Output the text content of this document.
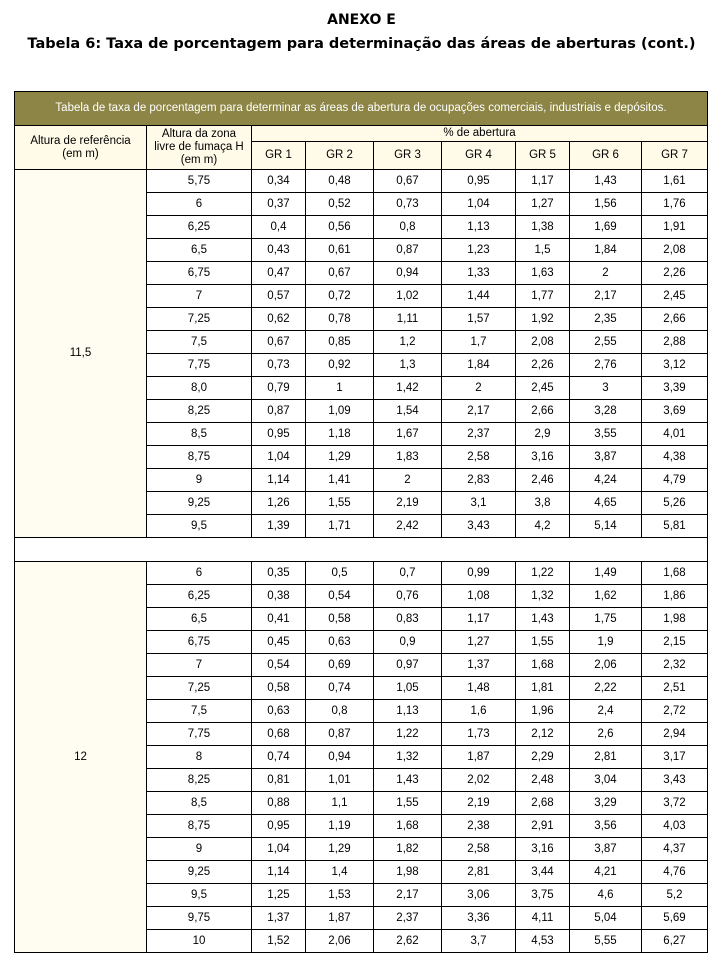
ANEXO E
Tabela 6: Taxa de porcentagem para determinação das áreas de aberturas (cont.)
Tabela de taxa de porcentagem para determinar as áreas de abertura de ocupações comerciais, industriais e depósitos.								
Altura de referência
(em m)	Altura da zona
livre de fumaça H
(em m)	% de abertura						
		GR 1	GR 2	GR 3	GR 4	GR 5	GR 6	GR 7
11,5	5,75	0,34	0,48	0,67	0,95	1,17	1,43	1,61
	6	0,37	0,52	0,73	1,04	1,27	1,56	1,76
	6,25	0,4	0,56	0,8	1,13	1,38	1,69	1,91
	6,5	0,43	0,61	0,87	1,23	1,5	1,84	2,08
	6,75	0,47	0,67	0,94	1,33	1,63	2	2,26
	7	0,57	0,72	1,02	1,44	1,77	2,17	2,45
	7,25	0,62	0,78	1,11	1,57	1,92	2,35	2,66
	7,5	0,67	0,85	1,2	1,7	2,08	2,55	2,88
	7,75	0,73	0,92	1,3	1,84	2,26	2,76	3,12
	8,0	0,79	1	1,42	2	2,45	3	3,39
	8,25	0,87	1,09	1,54	2,17	2,66	3,28	3,69
	8,5	0,95	1,18	1,67	2,37	2,9	3,55	4,01
	8,75	1,04	1,29	1,83	2,58	3,16	3,87	4,38
	9	1,14	1,41	2	2,83	2,46	4,24	4,79
	9,25	1,26	1,55	2,19	3,1	3,8	4,65	5,26
	9,5	1,39	1,71	2,42	3,43	4,2	5,14	5,81

12	6	0,35	0,5	0,7	0,99	1,22	1,49	1,68
	6,25	0,38	0,54	0,76	1,08	1,32	1,62	1,86
	6,5	0,41	0,58	0,83	1,17	1,43	1,75	1,98
	6,75	0,45	0,63	0,9	1,27	1,55	1,9	2,15
	7	0,54	0,69	0,97	1,37	1,68	2,06	2,32
	7,25	0,58	0,74	1,05	1,48	1,81	2,22	2,51
	7,5	0,63	0,8	1,13	1,6	1,96	2,4	2,72
	7,75	0,68	0,87	1,22	1,73	2,12	2,6	2,94
	8	0,74	0,94	1,32	1,87	2,29	2,81	3,17
	8,25	0,81	1,01	1,43	2,02	2,48	3,04	3,43
	8,5	0,88	1,1	1,55	2,19	2,68	3,29	3,72
	8,75	0,95	1,19	1,68	2,38	2,91	3,56	4,03
	9	1,04	1,29	1,82	2,58	3,16	3,87	4,37
	9,25	1,14	1,4	1,98	2,81	3,44	4,21	4,76
	9,5	1,25	1,53	2,17	3,06	3,75	4,6	5,2
	9,75	1,37	1,87	2,37	3,36	4,11	5,04	5,69
	10	1,52	2,06	2,62	3,7	4,53	5,55	6,27
